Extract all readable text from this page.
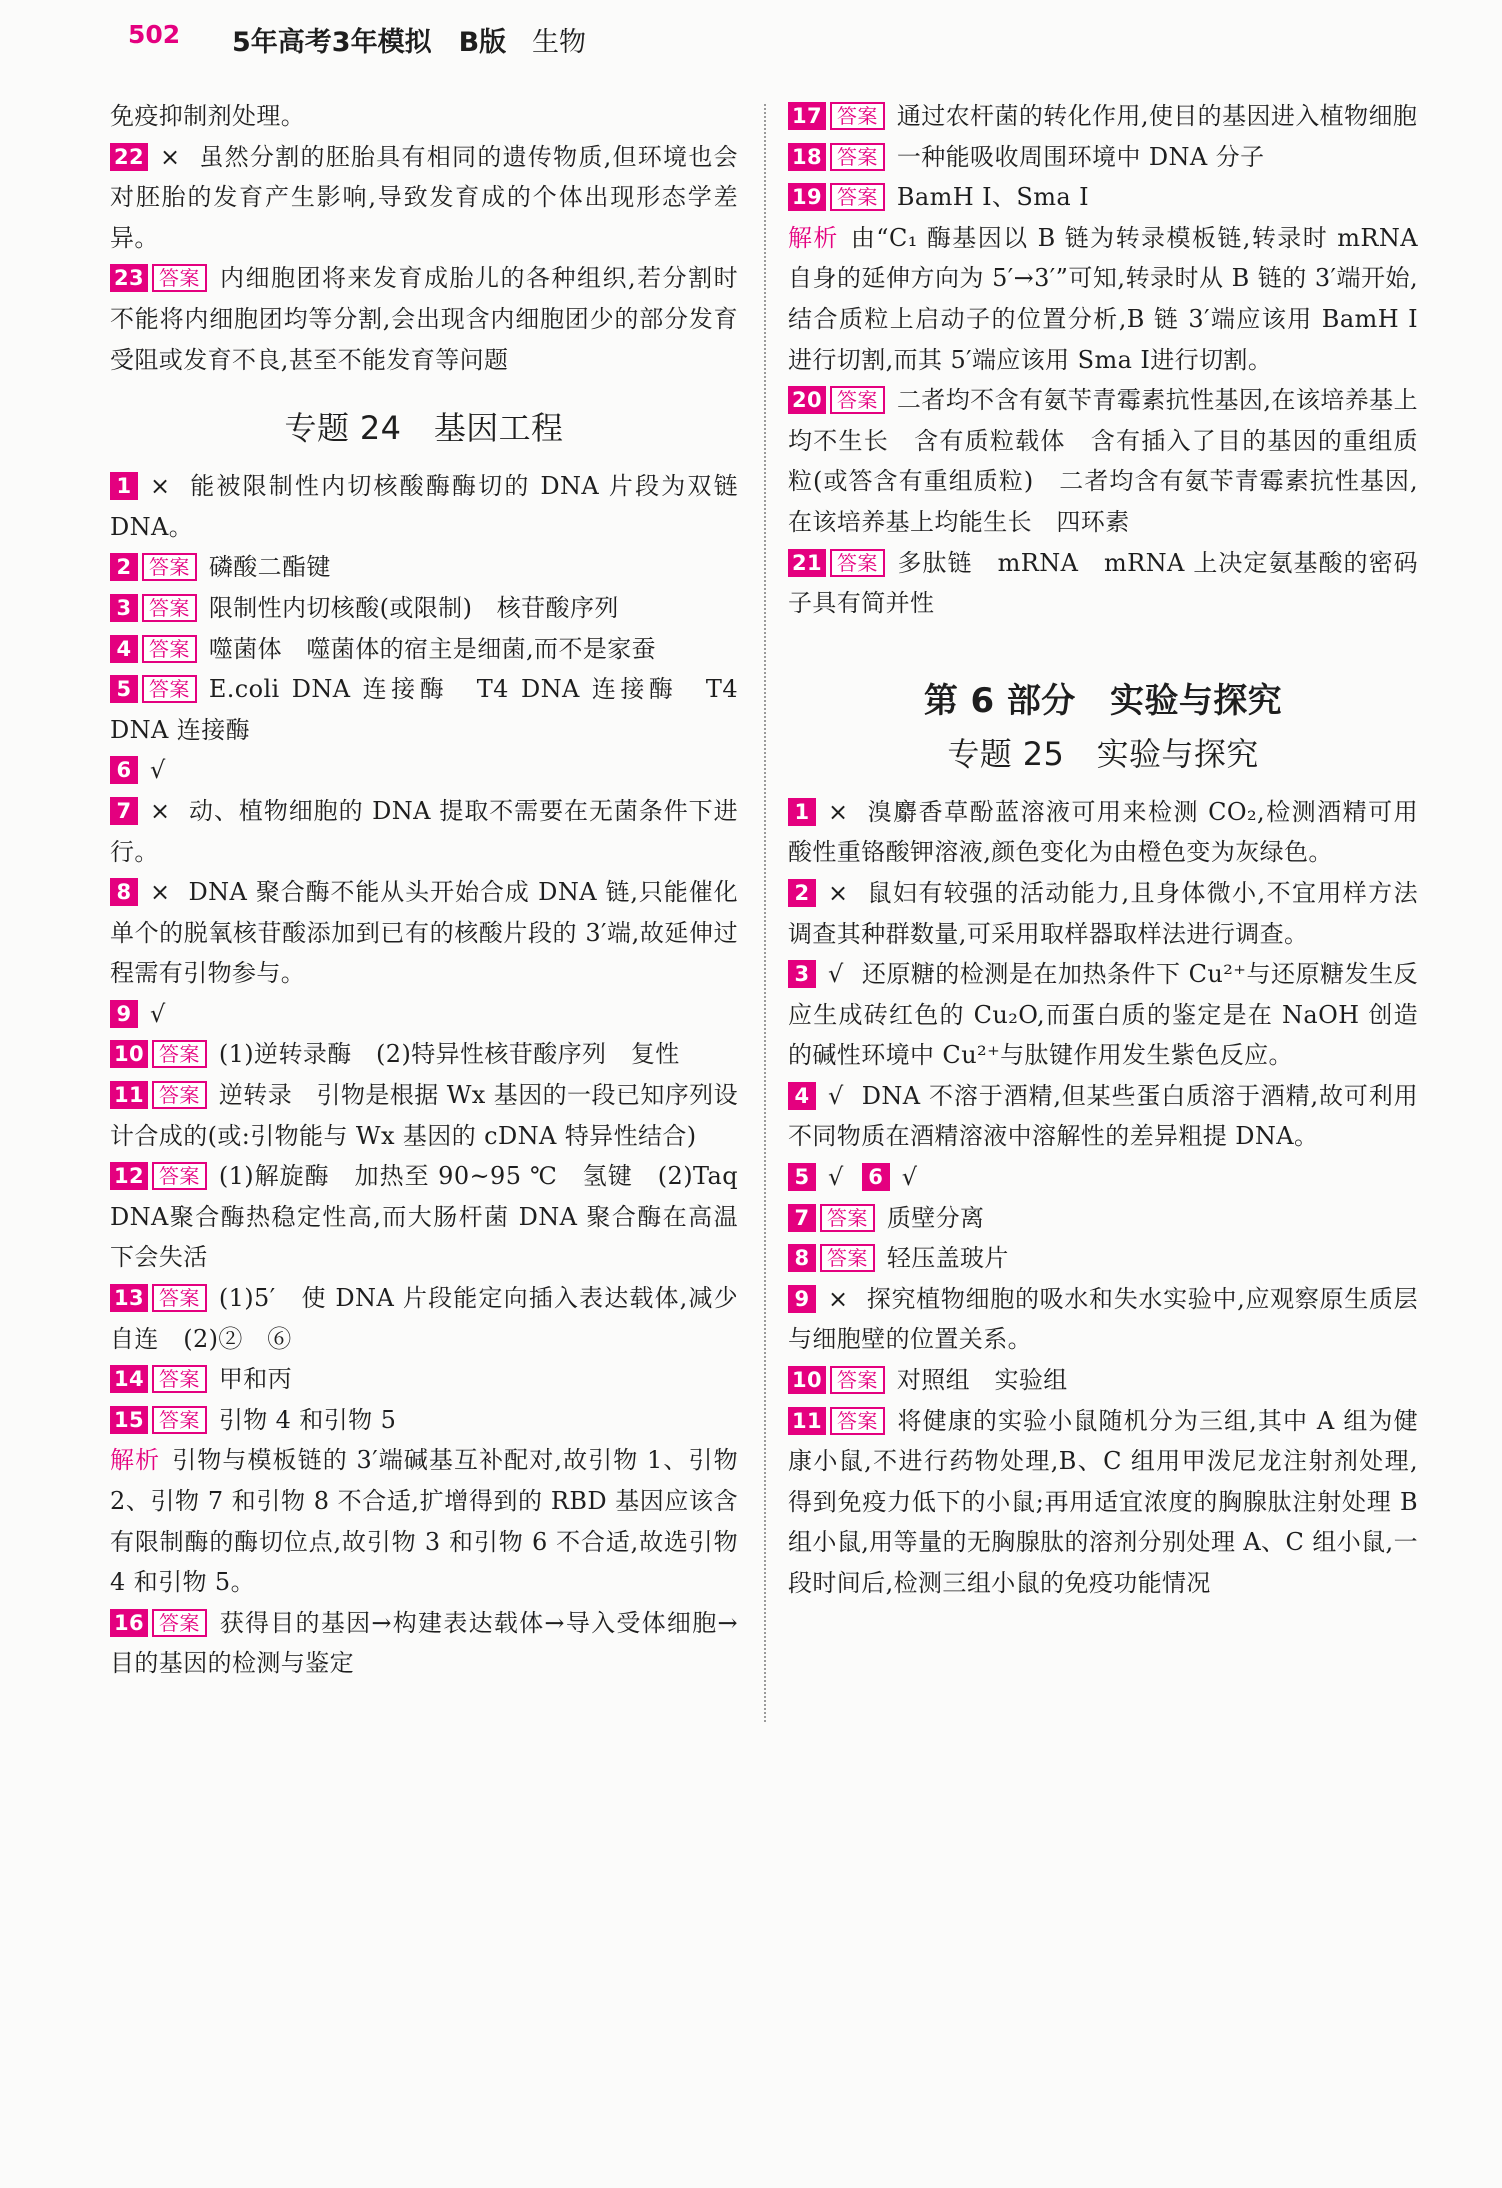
502 5年高考3年模拟　B版 生物

免疫抑制剂处理。

22 × 虽然分割的胚胎具有相同的遗传物质,但环境也会对胚胎的发育产生影响,导致发育成的个体出现形态学差异。

23 答案 内细胞团将来发育成胎儿的各种组织,若分割时不能将内细胞团均等分割,会出现含内细胞团少的部分发育受阻或发育不良,甚至不能发育等问题

专题 24　基因工程

1 × 能被限制性内切核酸酶酶切的 DNA 片段为双链 DNA。

2 答案 磷酸二酯键

3 答案 限制性内切核酸(或限制)　核苷酸序列

4 答案 噬菌体　噬菌体的宿主是细菌,而不是家蚕

5 答案 E.coli DNA 连接酶　T4 DNA 连接酶　T4 DNA 连接酶

6 √

7 × 动、植物细胞的 DNA 提取不需要在无菌条件下进行。

8 × DNA 聚合酶不能从头开始合成 DNA 链,只能催化单个的脱氧核苷酸添加到已有的核酸片段的 3′端,故延伸过程需有引物参与。

9 √

10 答案 (1)逆转录酶　(2)特异性核苷酸序列　复性

11 答案 逆转录　引物是根据 Wx 基因的一段已知序列设计合成的(或:引物能与 Wx 基因的 cDNA 特异性结合)

12 答案 (1)解旋酶　加热至 90~95 ℃　氢键　(2)Taq DNA聚合酶热稳定性高,而大肠杆菌 DNA 聚合酶在高温下会失活

13 答案 (1)5′　使 DNA 片段能定向插入表达载体,减少自连　(2)②　⑥

14 答案 甲和丙

15 答案 引物 4 和引物 5

解析 引物与模板链的 3′端碱基互补配对,故引物 1、引物 2、引物 7 和引物 8 不合适,扩增得到的 RBD 基因应该含有限制酶的酶切位点,故引物 3 和引物 6 不合适,故选引物 4 和引物 5。

16 答案 获得目的基因→构建表达载体→导入受体细胞→目的基因的检测与鉴定

17 答案 通过农杆菌的转化作用,使目的基因进入植物细胞

18 答案 一种能吸收周围环境中 DNA 分子

19 答案 BamH Ⅰ、Sma Ⅰ

解析 由“C₁ 酶基因以 B 链为转录模板链,转录时 mRNA 自身的延伸方向为 5′→3′”可知,转录时从 B 链的 3′端开始,结合质粒上启动子的位置分析,B 链 3′端应该用 BamH Ⅰ进行切割,而其 5′端应该用 Sma Ⅰ进行切割。

20 答案 二者均不含有氨苄青霉素抗性基因,在该培养基上均不生长　含有质粒载体　含有插入了目的基因的重组质粒(或答含有重组质粒)　二者均含有氨苄青霉素抗性基因,在该培养基上均能生长　四环素

21 答案 多肽链　mRNA　mRNA 上决定氨基酸的密码子具有简并性

第 6 部分　实验与探究
专题 25　实验与探究

1 × 溴麝香草酚蓝溶液可用来检测 CO₂,检测酒精可用酸性重铬酸钾溶液,颜色变化为由橙色变为灰绿色。

2 × 鼠妇有较强的活动能力,且身体微小,不宜用样方法调查其种群数量,可采用取样器取样法进行调查。

3 √ 还原糖的检测是在加热条件下 Cu²⁺与还原糖发生反应生成砖红色的 Cu₂O,而蛋白质的鉴定是在 NaOH 创造的碱性环境中 Cu²⁺与肽键作用发生紫色反应。

4 √ DNA 不溶于酒精,但某些蛋白质溶于酒精,故可利用不同物质在酒精溶液中溶解性的差异粗提 DNA。

5 √ 6 √

7 答案 质壁分离

8 答案 轻压盖玻片

9 × 探究植物细胞的吸水和失水实验中,应观察原生质层与细胞壁的位置关系。

10 答案 对照组　实验组

11 答案 将健康的实验小鼠随机分为三组,其中 A 组为健康小鼠,不进行药物处理,B、C 组用甲泼尼龙注射剂处理,得到免疫力低下的小鼠;再用适宜浓度的胸腺肽注射处理 B 组小鼠,用等量的无胸腺肽的溶剂分别处理 A、C 组小鼠,一段时间后,检测三组小鼠的免疫功能情况
